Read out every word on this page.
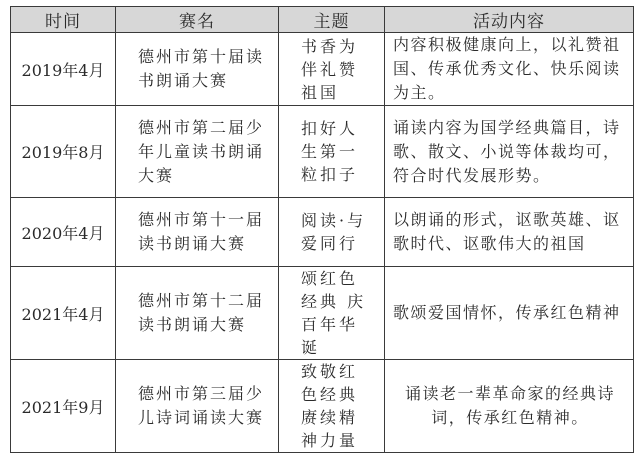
时间	赛名	主题	活动内容
2019年4月	德州市第十届读书朗诵大赛	书香为伴礼赞祖国	内容积极健康向上，以礼赞祖国、传承优秀文化、快乐阅读为主。
2019年8月	德州市第二届少年儿童读书朗诵大赛	扣好人生第一粒扣子	诵读内容为国学经典篇目，诗歌、散文、小说等体裁均可，符合时代发展形势。
2020年4月	德州市第十一届读书朗诵大赛	阅读·与爱同行	以朗诵的形式，讴歌英雄、讴歌时代、讴歌伟大的祖国
2021年4月	德州市第十二届读书朗诵大赛	颂红色经典 庆百年华诞	歌颂爱国情怀，传承红色精神
2021年9月	德州市第三届少儿诗词诵读大赛	致敬红色经典 赓续精神力量	诵读老一辈革命家的经典诗词，传承红色精神。
